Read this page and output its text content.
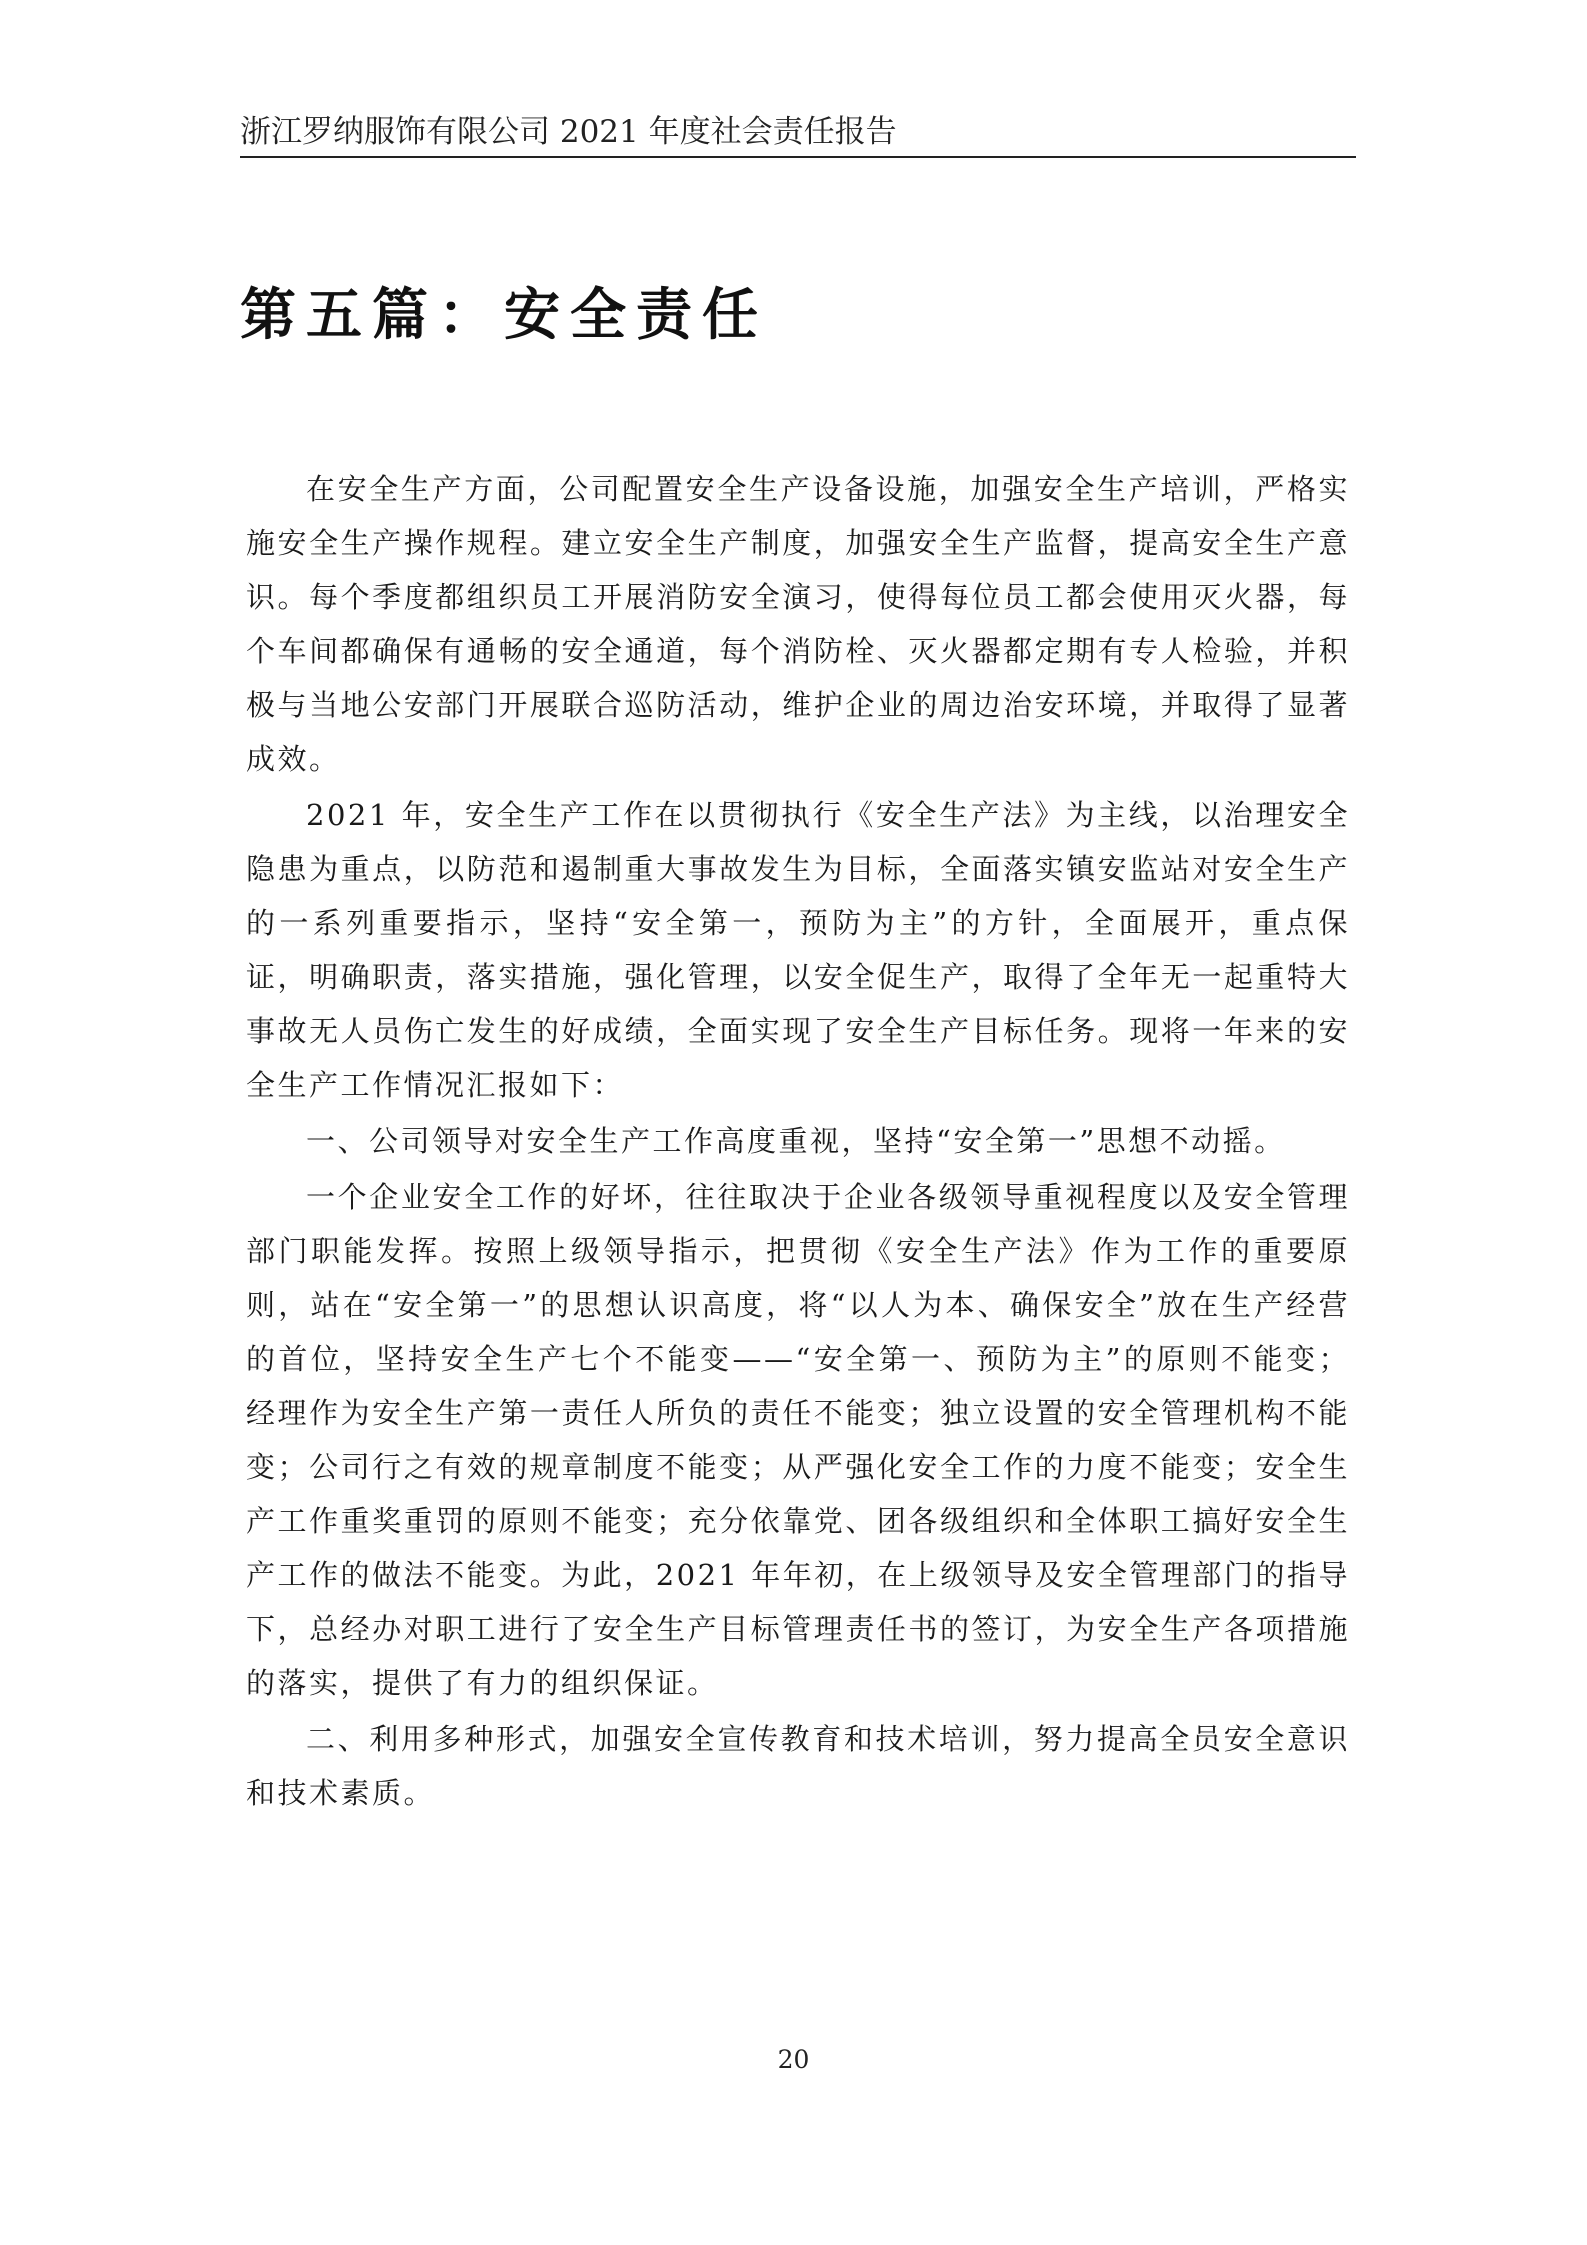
浙江罗纳服饰有限公司 2021 年度社会责任报告
第五篇：安全责任

在安全生产方面，公司配置安全生产设备设施，加强安全生产培训，严格实施安全生产操作规程。建立安全生产制度，加强安全生产监督，提高安全生产意识。每个季度都组织员工开展消防安全演习，使得每位员工都会使用灭火器，每个车间都确保有通畅的安全通道，每个消防栓、灭火器都定期有专人检验，并积极与当地公安部门开展联合巡防活动，维护企业的周边治安环境，并取得了显著成效。

2021 年，安全生产工作在以贯彻执行《安全生产法》为主线，以治理安全隐患为重点，以防范和遏制重大事故发生为目标，全面落实镇安监站对安全生产的一系列重要指示，坚持“安全第一，预防为主”的方针，全面展开，重点保证，明确职责，落实措施，强化管理，以安全促生产，取得了全年无一起重特大事故无人员伤亡发生的好成绩，全面实现了安全生产目标任务。现将一年来的安全生产工作情况汇报如下：

一、公司领导对安全生产工作高度重视，坚持“安全第一”思想不动摇。

一个企业安全工作的好坏，往往取决于企业各级领导重视程度以及安全管理部门职能发挥。按照上级领导指示，把贯彻《安全生产法》作为工作的重要原则，站在“安全第一”的思想认识高度，将“以人为本、确保安全”放在生产经营的首位，坚持安全生产七个不能变——“安全第一、预防为主”的原则不能变；经理作为安全生产第一责任人所负的责任不能变；独立设置的安全管理机构不能变；公司行之有效的规章制度不能变；从严强化安全工作的力度不能变；安全生产工作重奖重罚的原则不能变；充分依靠党、团各级组织和全体职工搞好安全生产工作的做法不能变。为此，2021 年年初，在上级领导及安全管理部门的指导下，总经办对职工进行了安全生产目标管理责任书的签订，为安全生产各项措施的落实，提供了有力的组织保证。

二、利用多种形式，加强安全宣传教育和技术培训，努力提高全员安全意识和技术素质。

20
